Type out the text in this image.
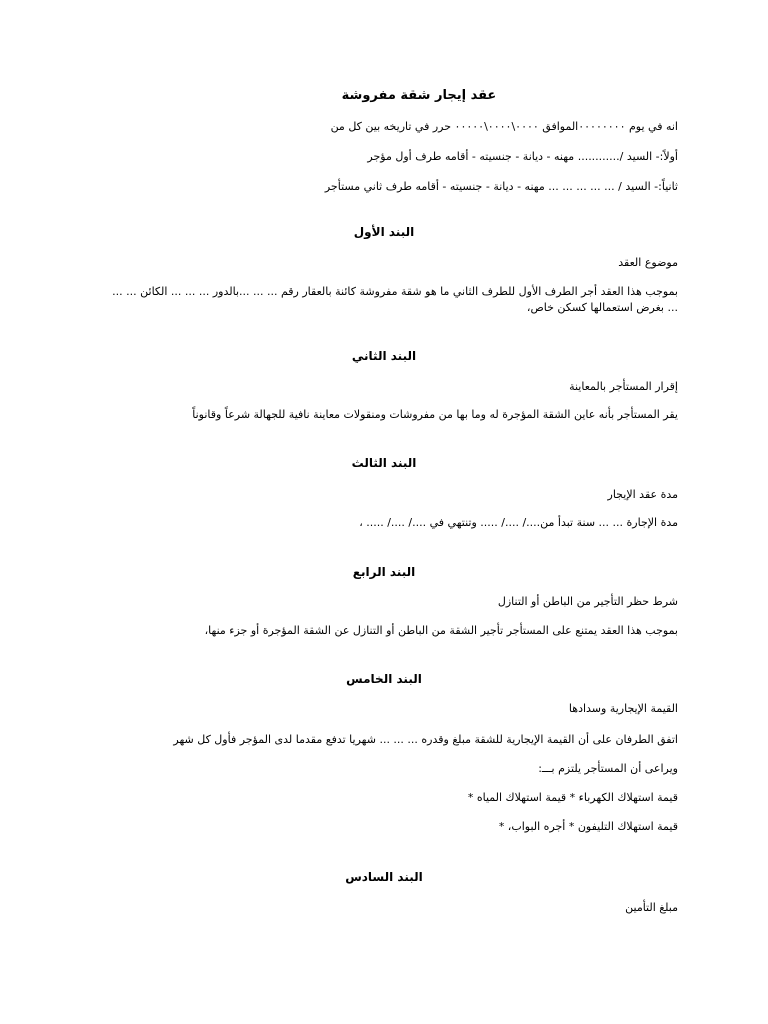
عقد إيجار شقة مفروشة
انه في يوم ٠٠٠٠٠٠٠٠الموافق ٠٠٠٠\٠٠٠٠\٠٠٠٠٠ حرر في تاريخه بين كل من
أولاً:- السيد /............ مهنه - ديانة - جنسيته - أقامه طرف أول مؤجر
ثانياً:- السيد / ... ... ... ... ... مهنه - ديانة - جنسيته - أقامه طرف ثاني مستأجر
البند الأول
موضوع العقد
بموجب هذا العقد أجر الطرف الأول للطرف الثاني ما هو شقة مفروشة كائنة بالعقار رقم ... ... ...بالدور ... ... ... الكائن ... ... ... بغرض استعمالها كسكن خاص،
البند الثاني
إقرار المستأجر بالمعاينة
يقر المستأجر بأنه عاين الشقة المؤجرة له وما بها من مفروشات ومنقولات معاينة نافية للجهالة شرعاً وقانوناً
البند الثالث
مدة عقد الإيجار
مدة الإجارة ... ... سنة تبدأ من..../ ..../ ..... وتنتهي في ..../ ..../ ..... ،
البند الرابع
شرط حظر التأجير من الباطن أو التنازل
بموجب هذا العقد يمتنع على المستأجر تأجير الشقة من الباطن أو التنازل عن الشقة المؤجرة أو جزء منها،
البند الخامس
القيمة الإيجارية وسدادها
اتفق الطرفان على أن القيمة الإيجارية للشقة مبلغ وقدره ... ... ... شهريا تدفع مقدما لدى المؤجر فأول كل شهر
ويراعى أن المستأجر يلتزم بـــ:
قيمة استهلاك الكهرباء * قيمة استهلاك المياه *
قيمة استهلاك التليفون * أجره البواب، *
البند السادس
مبلغ التأمين
